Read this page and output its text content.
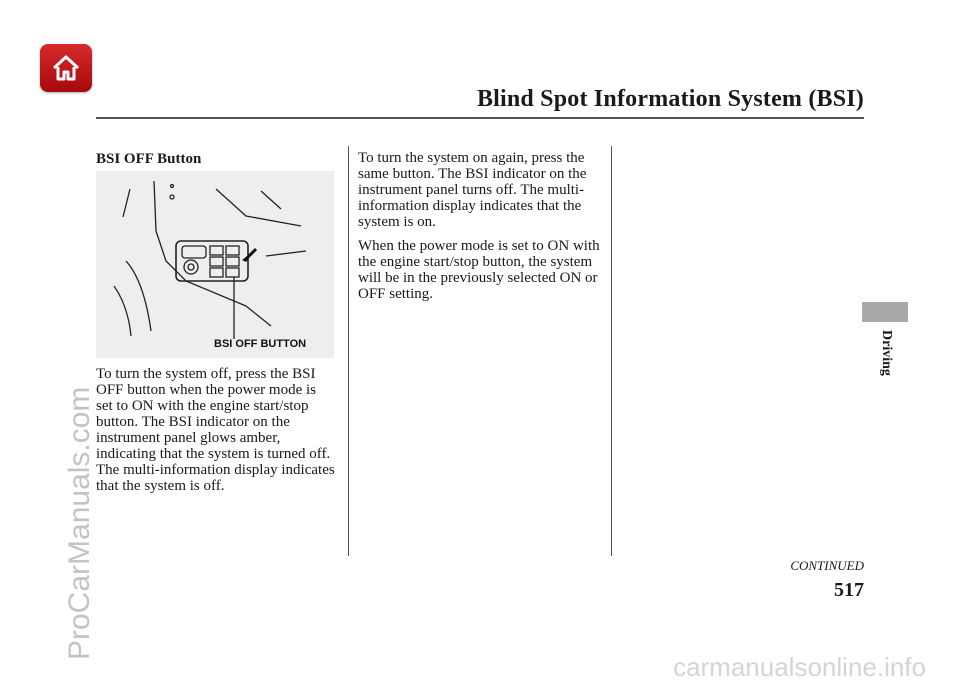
Blind Spot Information System (BSI)
BSI OFF Button
BSI OFF BUTTON

To turn the system off, press the BSI OFF button when the power mode is set to ON with the engine start/stop button. The BSI indicator on the instrument panel glows amber, indicating that the system is turned off. The multi-information display indicates that the system is off.

To turn the system on again, press the same button. The BSI indicator on the instrument panel turns off. The multi-information display indicates that the system is on.

When the power mode is set to ON with the engine start/stop button, the system will be in the previously selected ON or OFF setting.

Driving
CONTINUED
517
ProCarManuals.com
carmanualsonline.info
